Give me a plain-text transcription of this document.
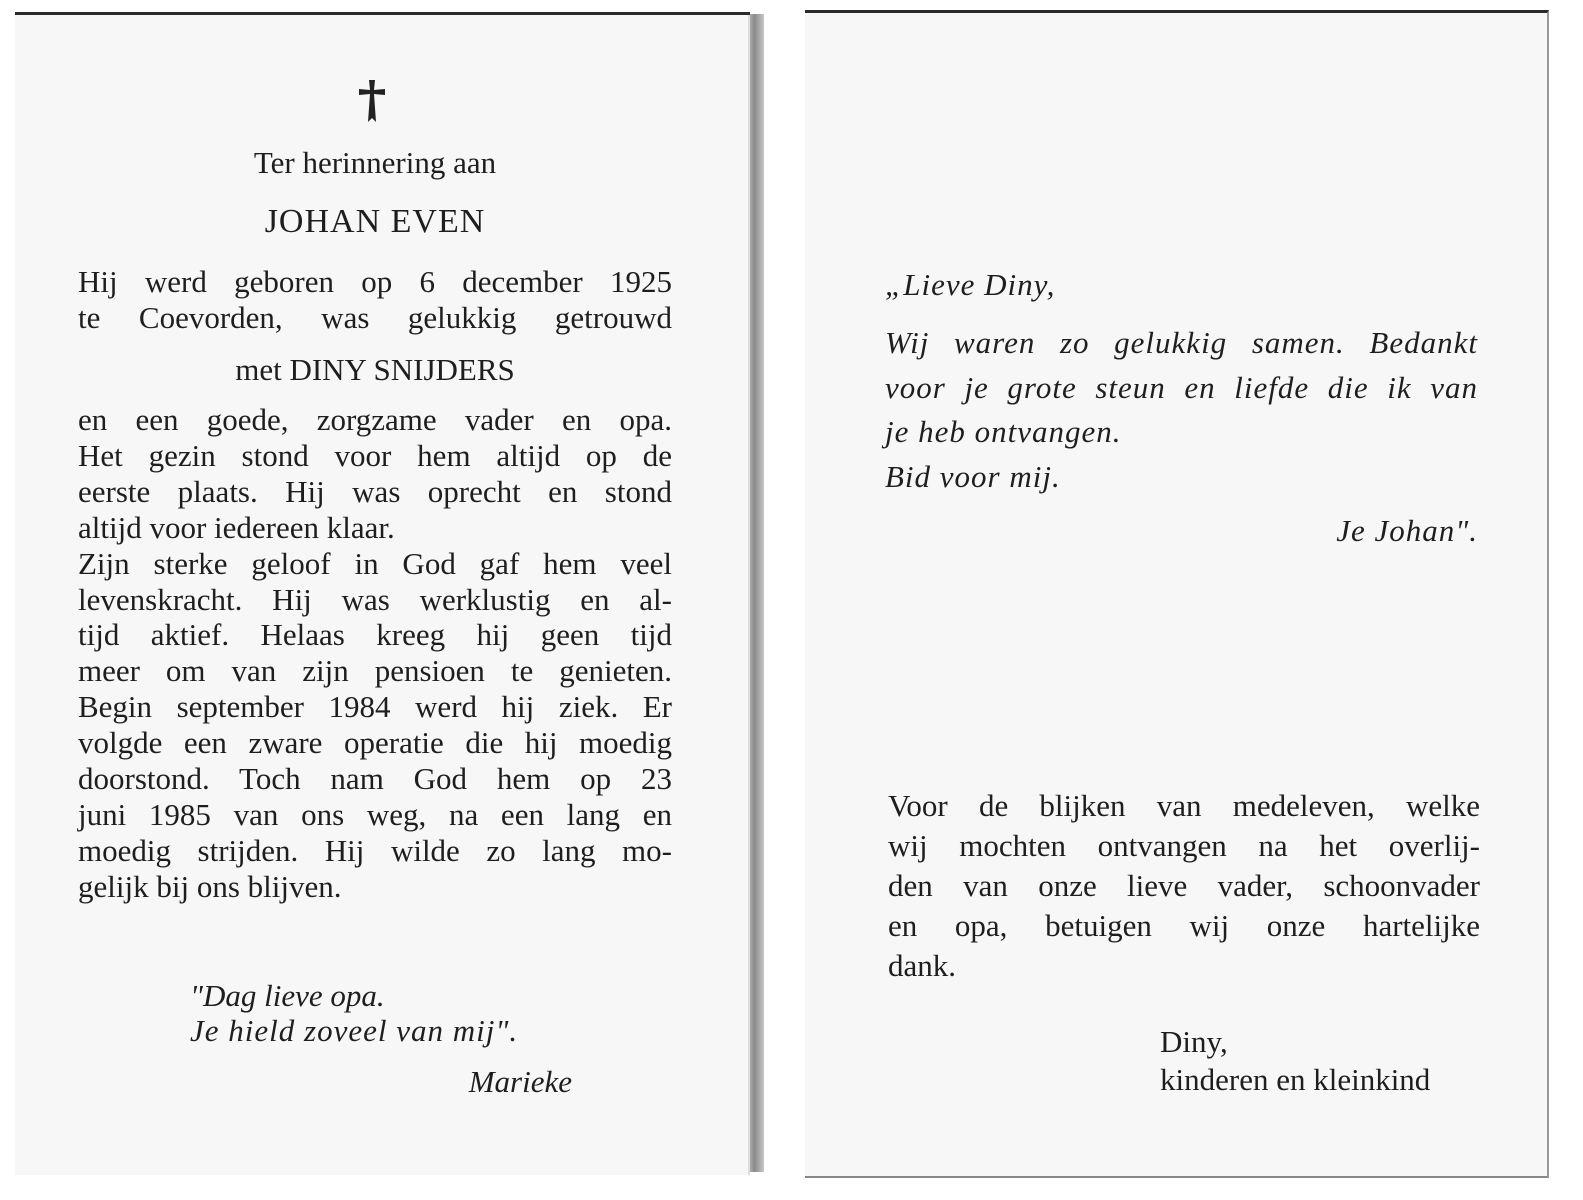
Ter herinnering aan
JOHAN EVEN
Hij werd geboren op 6 december 1925
te Coevorden, was gelukkig getrouwd
met DINY SNIJDERS
en een goede, zorgzame vader en opa.
Het gezin stond voor hem altijd op de
eerste plaats. Hij was oprecht en stond
altijd voor iedereen klaar.
Zijn sterke geloof in God gaf hem veel
levenskracht. Hij was werklustig en al-
tijd aktief. Helaas kreeg hij geen tijd
meer om van zijn pensioen te genieten.
Begin september 1984 werd hij ziek. Er
volgde een zware operatie die hij moedig
doorstond. Toch nam God hem op 23
juni 1985 van ons weg, na een lang en
moedig strijden. Hij wilde zo lang mo-
gelijk bij ons blijven.
"Dag lieve opa.
Je hield zoveel van mij".
Marieke
„Lieve Diny,
Wij waren zo gelukkig samen. Bedankt
voor je grote steun en liefde die ik van
je heb ontvangen.
Bid voor mij.
Je Johan".
Voor de blijken van medeleven, welke
wij mochten ontvangen na het overlij-
den van onze lieve vader, schoonvader
en opa, betuigen wij onze hartelijke
dank.
Diny,
kinderen en kleinkind
